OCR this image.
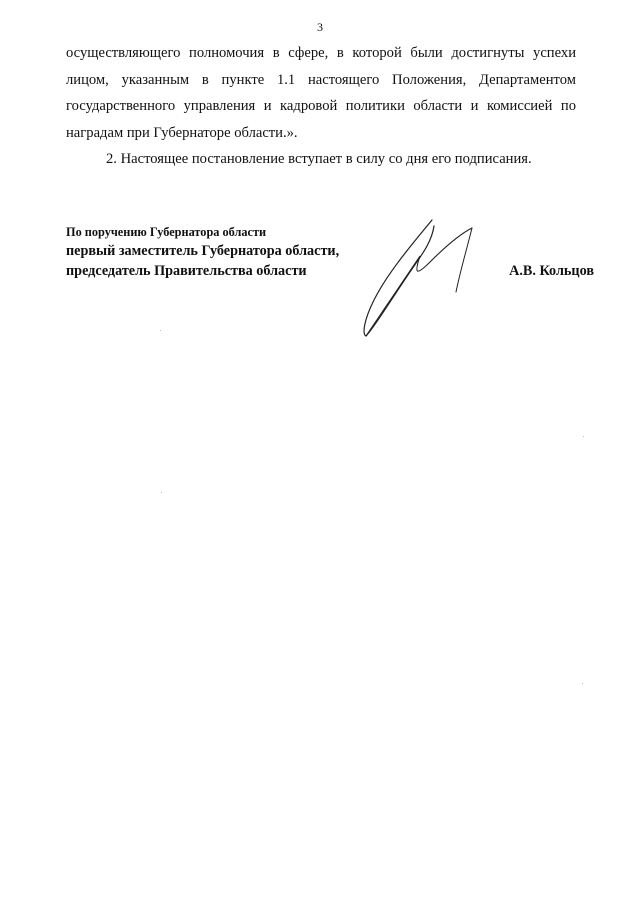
3

осуществляющего полномочия в сфере, в которой были достигнуты успехи лицом, указанным в пункте 1.1 настоящего Положения, Департаментом государственного управления и кадровой политики области и комиссией по наградам при Губернаторе области.».

2. Настоящее постановление вступает в силу со дня его подписания.

По поручению Губернатора области
первый заместитель Губернатора области,
председатель Правительства области	А.В. Кольцов
